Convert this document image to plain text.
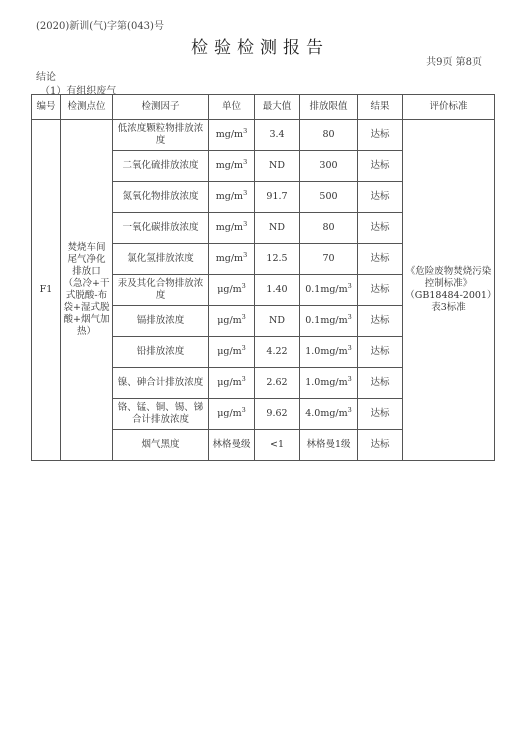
(2020)新训(气)字第(043)号
检验检测报告
共9页 第8页
结论
（1）有组织废气
编号	检测点位	检测因子	单位	最大值	排放限值	结果	评价标准
F1	焚烧车间尾气净化排放口（急冷+干式脱酸-布袋+湿式脱酸+烟气加热）	低浓度颗粒物排放浓度	$mg/m^3$	3.4	80	达标	《危险废物焚烧污染控制标准》（GB18484-2001）表3标准
		二氧化硫排放浓度	$mg/m^3$	ND	300	达标	
		氮氧化物排放浓度	$mg/m^3$	91.7	500	达标	
		一氧化碳排放浓度	$mg/m^3$	ND	80	达标	
		氯化氢排放浓度	$mg/m^3$	12.5	70	达标	
		汞及其化合物排放浓度	$\mu g/m^3$	1.40	$0.1mg/m^3$	达标	
		镉排放浓度	$\mu g/m^3$	ND	$0.1mg/m^3$	达标	
		铅排放浓度	$\mu g/m^3$	4.22	$1.0mg/m^3$	达标	
		镍、砷合计排放浓度	$\mu g/m^3$	2.62	$1.0mg/m^3$	达标	
		铬、锰、铜、锡、锑合计排放浓度	$\mu g/m^3$	9.62	$4.0mg/m^3$	达标	
		烟气黑度	林格曼级	<1	林格曼1级	达标	
